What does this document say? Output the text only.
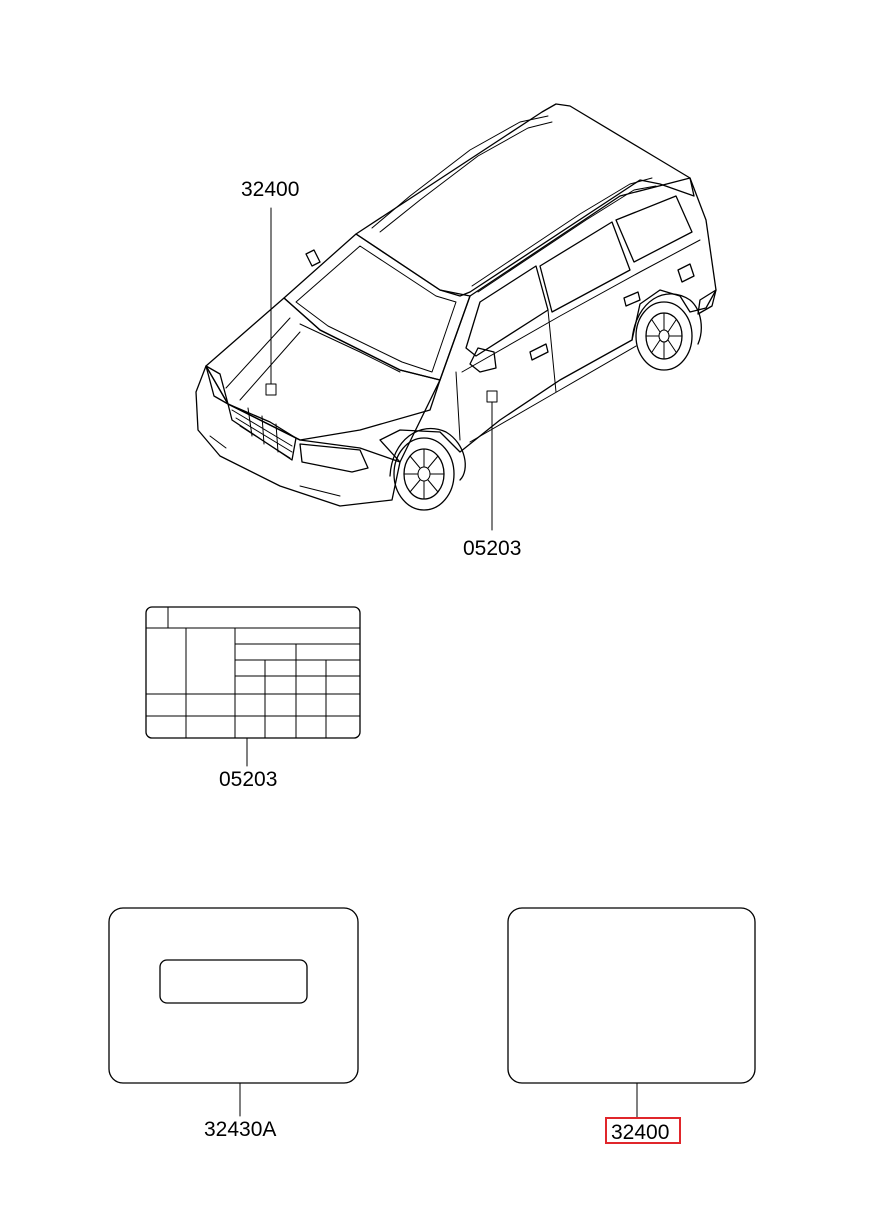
32400
05203
05203
32430A	32400
